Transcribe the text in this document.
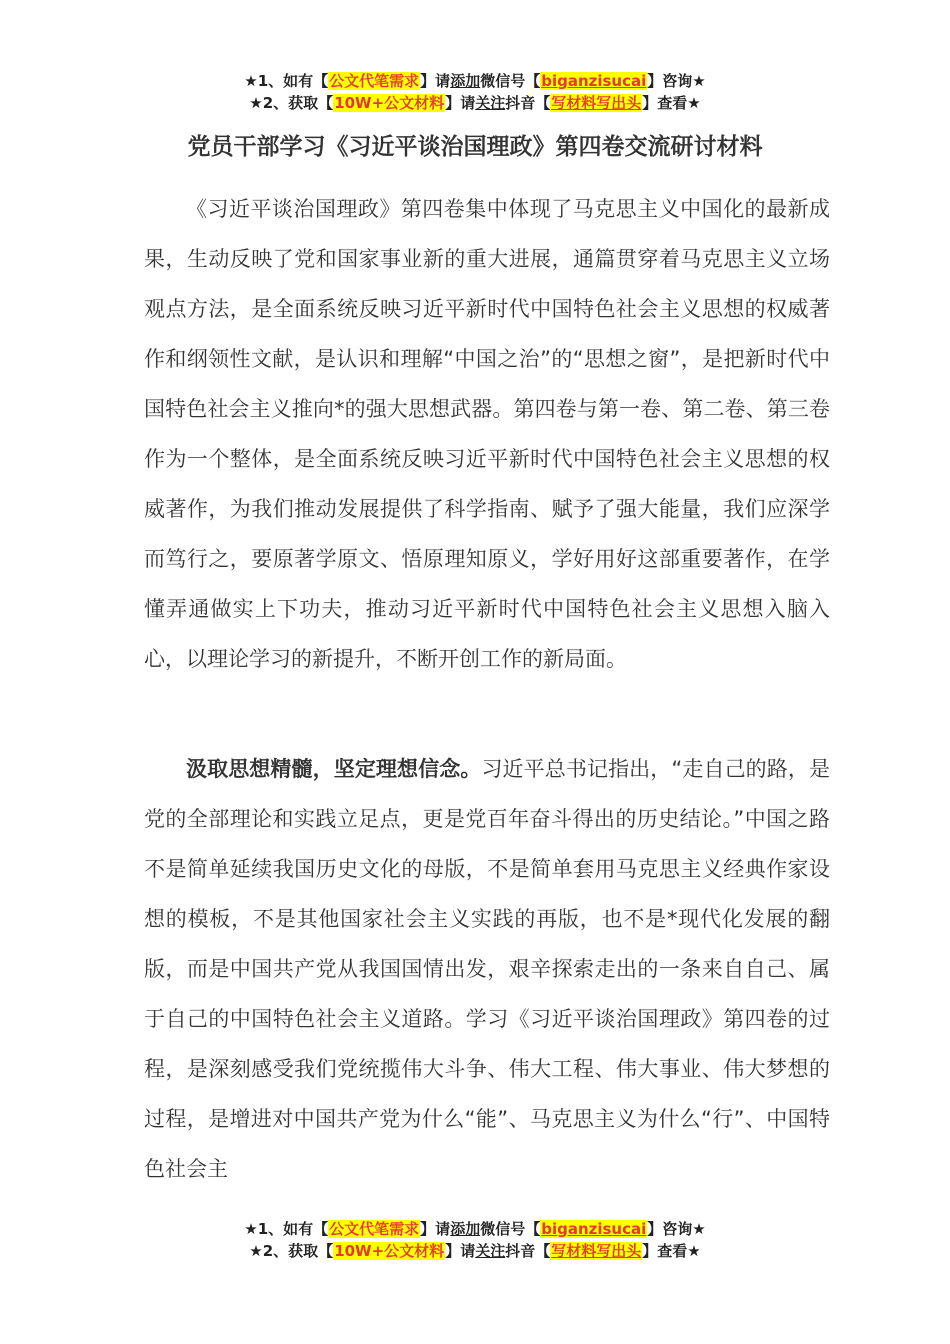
★1、如有【公文代笔需求】请添加微信号【biganzisucai】咨询★
★2、获取【10W+公文材料】请关注抖音【写材料写出头】查看★
党员干部学习《习近平谈治国理政》第四卷交流研讨材料

《习近平谈治国理政》第四卷集中体现了马克思主义中国化的最新成果，生动反映了党和国家事业新的重大进展，通篇贯穿着马克思主义立场观点方法，是全面系统反映习近平新时代中国特色社会主义思想的权威著作和纲领性文献，是认识和理解“中国之治”的“思想之窗”，是把新时代中国特色社会主义推向*的强大思想武器。第四卷与第一卷、第二卷、第三卷作为一个整体，是全面系统反映习近平新时代中国特色社会主义思想的权威著作，为我们推动发展提供了科学指南、赋予了强大能量，我们应深学而笃行之，要原著学原文、悟原理知原义，学好用好这部重要著作，在学懂弄通做实上下功夫，推动习近平新时代中国特色社会主义思想入脑入心，以理论学习的新提升，不断开创工作的新局面。

汲取思想精髓，坚定理想信念。习近平总书记指出，“走自己的路，是党的全部理论和实践立足点，更是党百年奋斗得出的历史结论。”中国之路不是简单延续我国历史文化的母版，不是简单套用马克思主义经典作家设想的模板，不是其他国家社会主义实践的再版，也不是*现代化发展的翻版，而是中国共产党从我国国情出发，艰辛探索走出的一条来自自己、属于自己的中国特色社会主义道路。学习《习近平谈治国理政》第四卷的过程，是深刻感受我们党统揽伟大斗争、伟大工程、伟大事业、伟大梦想的过程，是增进对中国共产党为什么“能”、马克思主义为什么“行”、中国特色社会主

★1、如有【公文代笔需求】请添加微信号【biganzisucai】咨询★
★2、获取【10W+公文材料】请关注抖音【写材料写出头】查看★
